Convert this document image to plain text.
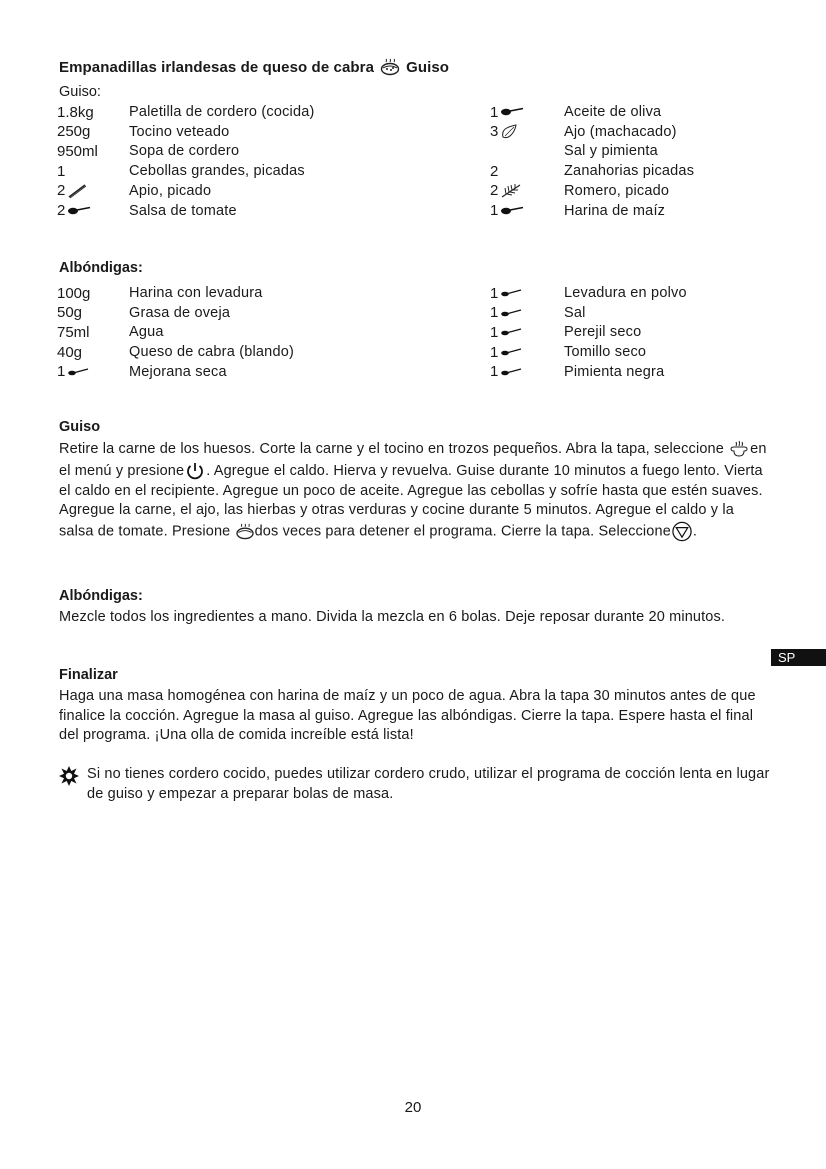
Empanadillas irlandesas de queso de cabra Guiso
Guiso:
1.8kg Paletilla de cordero (cocida)
250g	Tocino veteado
950ml Sopa de cordero
1	Cebollas grandes, picadas
2	Apio, picado
2	Salsa de tomate
1	Aceite de oliva
3	Ajo (machacado)
Sal y pimienta
2	Zanahorias picadas
2	Romero, picado
1	Harina de maíz
Albóndigas:
100g	Harina con levadura
50g	Grasa de oveja
75ml	Agua
40g	Queso de cabra (blando)
1	Mejorana seca
1	Levadura en polvo
1	Sal
1	Perejil seco
1	Tomillo seco
1	Pimienta negra
Guiso
Retire la carne de los huesos. Corte la carne y el tocino en trozos pequeños. Abra la tapa, seleccione
en el menú y presione . Agregue el caldo. Hierva y revuelva. Guise durante 10 minutos a fuego lento. Vierta el caldo en el recipiente. Agregue un poco de aceite. Agregue las cebollas y sofríe hasta que estén suaves. Agregue la carne, el ajo, las hierbas y otras verduras y cocine durante 5 minutos. Agregue el caldo y la salsa de tomate. Presione
dos veces para detener el programa. Cierre la tapa. Seleccione .
Albóndigas:
Mezcle todos los ingredientes a mano. Divida la mezcla en 6 bolas. Deje reposar durante 20 minutos.
SP
Finalizar
Haga una masa homogénea con harina de maíz y un poco de agua. Abra la tapa 30 minutos antes de que finalice la cocción. Agregue la masa al guiso. Agregue las albóndigas. Cierre la tapa. Espere hasta el final del programa. ¡Una olla de comida increíble está lista!
Si no tienes cordero cocido, puedes utilizar cordero crudo, utilizar el programa de cocción lenta en lugar de guiso y empezar a preparar bolas de masa.
20
